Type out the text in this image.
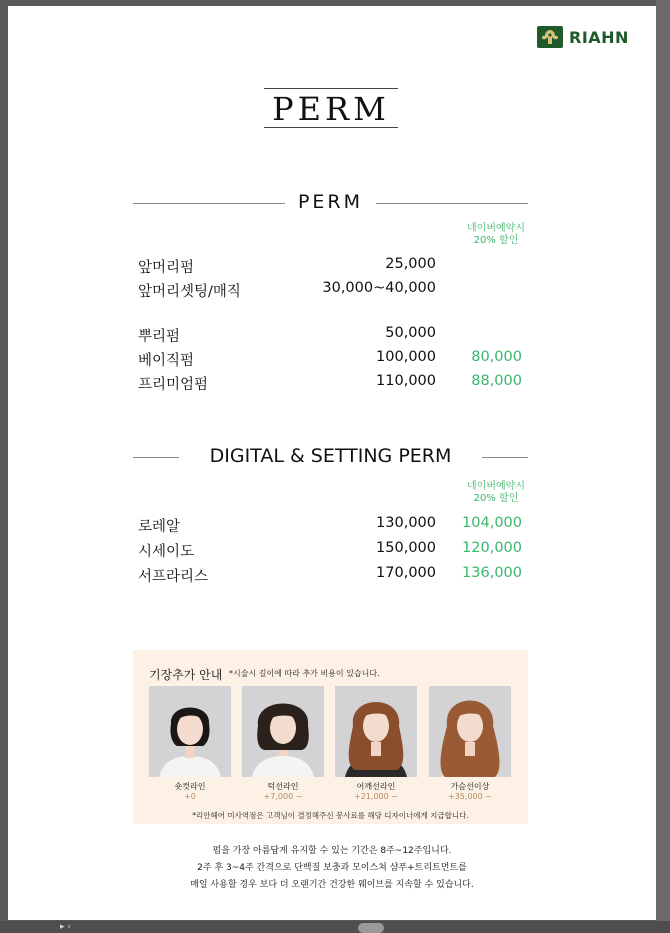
RIAHN
PERM
PERM
네이버예약시
20% 할인
앞머리펌	25,000
앞머리셋팅/매직	30,000~40,000
뿌리펌	50,000
베이직펌	100,000 80,000
프리미엄펌	110,000 88,000
DIGITAL & SETTING PERM
네이버예약시
20% 할인
로레알	130,000 104,000
시세이도	150,000 120,000
서프라리스	170,000 136,000
기장추가 안내 *시술시 길이에 따라 추가 비용이 있습니다.
숏컷라인
+0
턱선라인
+7,000 ~
어깨선라인
+21,000 ~
가슴선이상
+35,000 ~
*리안헤어 미사역점은 고객님이 결정해주신 봉사료를 해당 디자이너에게 지급합니다.
펌을 가장 아름답게 유지할 수 있는 기간은 8주~12주입니다.
2주 후 3~4주 간격으로 단백질 보충과 모이스쳐 샴푸+트리트먼트를
매일 사용할 경우 보다 더 오랜기간 건강한 웨이브를 지속할 수 있습니다.
▸ ‹
